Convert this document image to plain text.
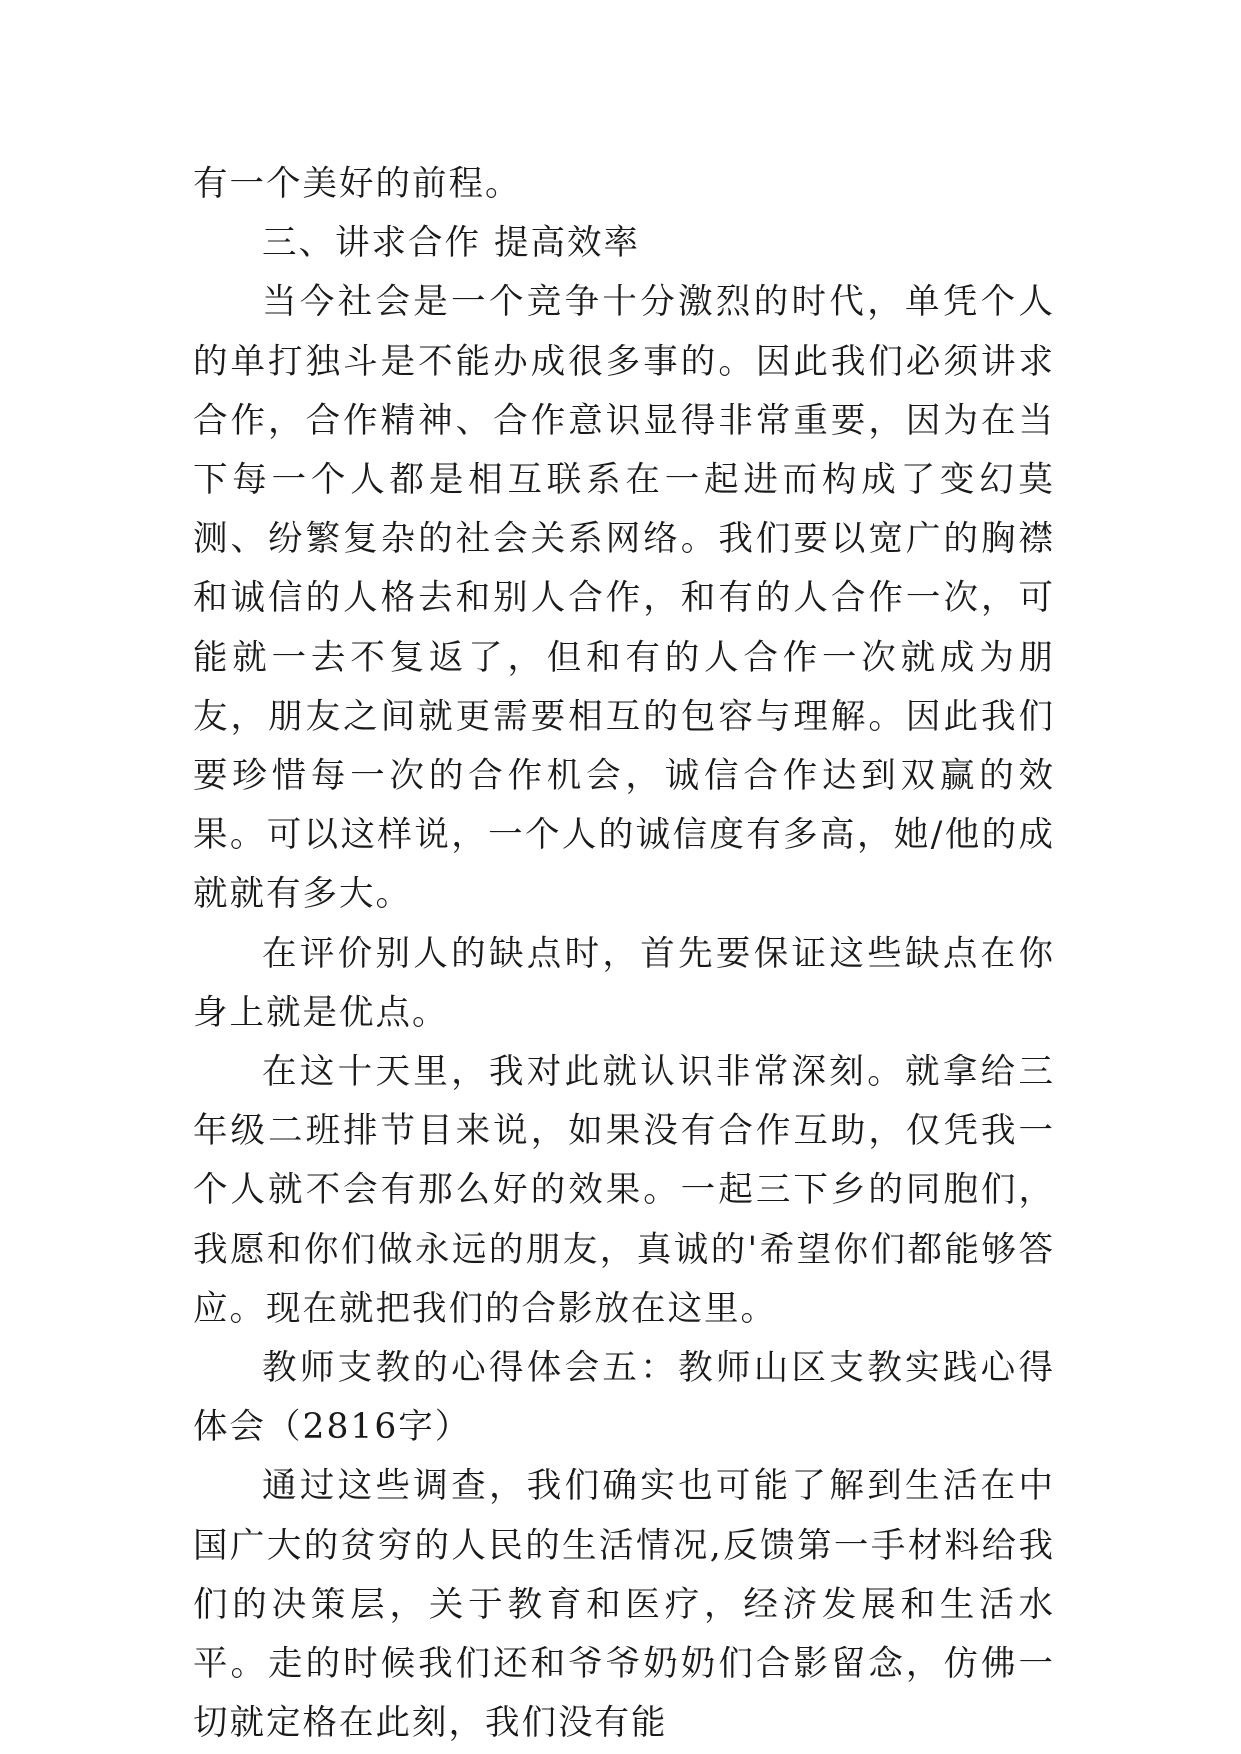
有一个美好的前程。

三、讲求合作 提高效率

当今社会是一个竞争十分激烈的时代，单凭个人的单打独斗是不能办成很多事的。因此我们必须讲求合作，合作精神、合作意识显得非常重要，因为在当下每一个人都是相互联系在一起进而构成了变幻莫测、纷繁复杂的社会关系网络。我们要以宽广的胸襟和诚信的人格去和别人合作，和有的人合作一次，可能就一去不复返了，但和有的人合作一次就成为朋友，朋友之间就更需要相互的包容与理解。因此我们要珍惜每一次的合作机会，诚信合作达到双赢的效果。可以这样说，一个人的诚信度有多高，她/他的成就就有多大。

在评价别人的缺点时，首先要保证这些缺点在你身上就是优点。

在这十天里，我对此就认识非常深刻。就拿给三年级二班排节目来说，如果没有合作互助，仅凭我一个人就不会有那么好的效果。一起三下乡的同胞们，我愿和你们做永远的朋友，真诚的'希望你们都能够答应。现在就把我们的合影放在这里。

教师支教的心得体会五：教师山区支教实践心得体会（2816字）

通过这些调查，我们确实也可能了解到生活在中国广大的贫穷的人民的生活情况,反馈第一手材料给我们的决策层，关于教育和医疗，经济发展和生活水平。走的时候我们还和爷爷奶奶们合影留念，仿佛一切就定格在此刻，我们没有能
